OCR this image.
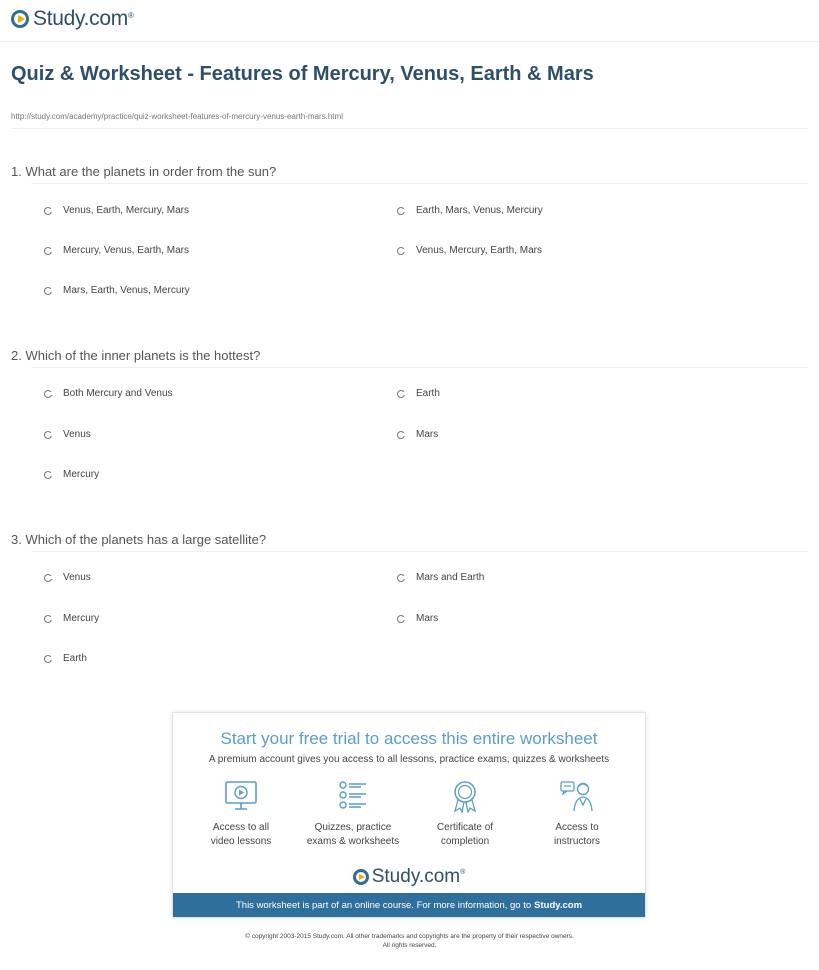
Study.com ®
Quiz & Worksheet - Features of Mercury, Venus, Earth & Mars
http://study.com/academy/practice/quiz-worksheet-features-of-mercury-venus-earth-mars.html
1. What are the planets in order from the sun?
Venus, Earth, Mercury, Mars	Earth, Mars, Venus, Mercury
Mercury, Venus, Earth, Mars	Venus, Mercury, Earth, Mars
Mars, Earth, Venus, Mercury
2. Which of the inner planets is the hottest?
Both Mercury and Venus	Earth
Venus	Mars
Mercury
3. Which of the planets has a large satellite?
Venus	Mars and Earth
Mercury	Mars
Earth
Start your free trial to access this entire worksheet
A premium account gives you access to all lessons, practice exams, quizzes & worksheets
Access to all
video lessons
Quizzes, practice
exams & worksheets
Certificate of
completion
Access to
instructors
Study.com ®
This worksheet is part of an online course. For more information, go to Study.com
© copyright 2003-2015 Study.com. All other trademarks and copyrights are the property of their respective owners.
All rights reserved.
